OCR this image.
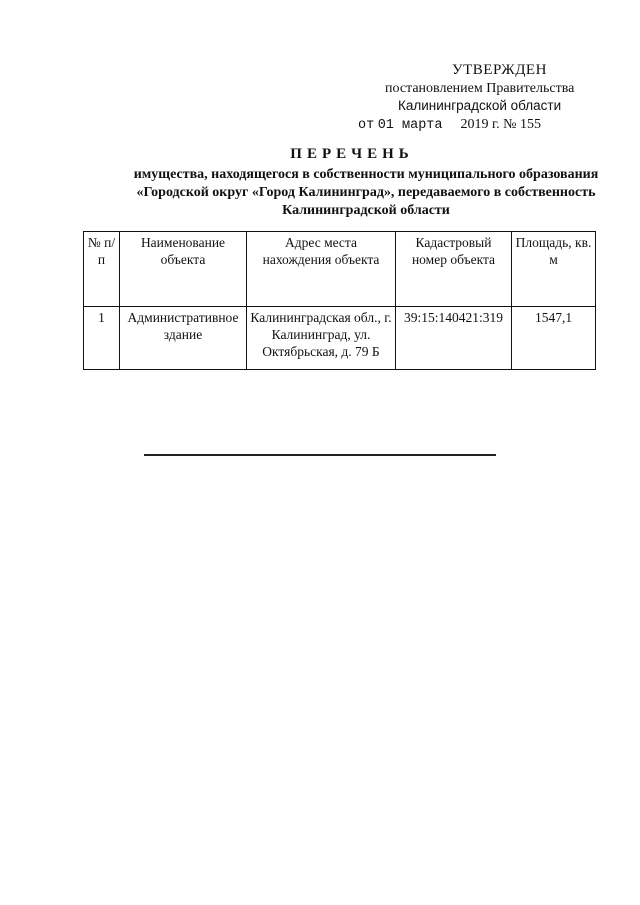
УТВЕРЖДЕН
постановлением Правительства
Калининградской области
от 01 марта 2019 г. № 155
ПЕРЕЧЕНЬ
имущества, находящегося в собственности муниципального образования «Городской округ «Город Калининград», передаваемого в собственность Калининградской области
№ п/п	Наименование объекта	Адрес места нахождения объекта	Кадастровый номер объекта	Площадь, кв. м
1	Административное здание	Калининградская обл., г. Калининград, ул. Октябрьская, д. 79 Б	39:15:140421:319	1547,1
